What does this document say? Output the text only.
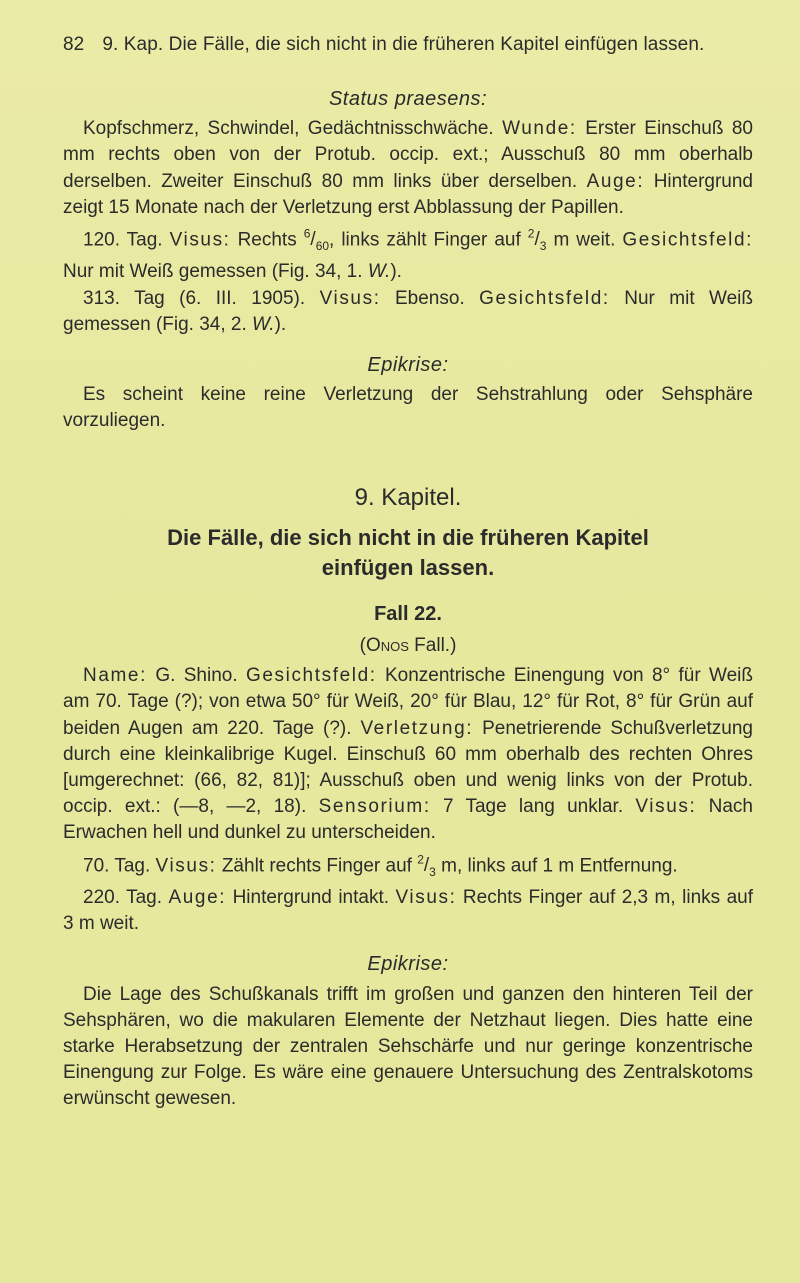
82 9. Kap. Die Fälle, die sich nicht in die früheren Kapitel einfügen lassen.
Status praesens:

Kopfschmerz, Schwindel, Gedächtnisschwäche. Wunde: Erster Einschuß 80 mm rechts oben von der Protub. occip. ext.; Ausschuß 80 mm oberhalb derselben. Zweiter Einschuß 80 mm links über derselben. Auge: Hintergrund zeigt 15 Monate nach der Verletzung erst Abblassung der Papillen.

120. Tag. Visus: Rechts $^6/_{60}$, links zählt Finger auf $^2/_3$ m weit. Gesichtsfeld: Nur mit Weiß gemessen (Fig. 34, 1. W.).

313. Tag (6. III. 1905). Visus: Ebenso. Gesichtsfeld: Nur mit Weiß gemessen (Fig. 34, 2. W.).

Epikrise:

Es scheint keine reine Verletzung der Sehstrahlung oder Sehsphäre vorzuliegen.

9. Kapitel.
Die Fälle, die sich nicht in die früheren Kapitel
einfügen lassen.
Fall 22.
(Onos Fall.)

Name: G. Shino. Gesichtsfeld: Konzentrische Einengung von 8° für Weiß am 70. Tage (?); von etwa 50° für Weiß, 20° für Blau, 12° für Rot, 8° für Grün auf beiden Augen am 220. Tage (?). Verletzung: Penetrierende Schußverletzung durch eine kleinkalibrige Kugel. Einschuß 60 mm oberhalb des rechten Ohres [umgerechnet: (66, 82, 81)]; Ausschuß oben und wenig links von der Protub. occip. ext.: (—8, —2, 18). Sensorium: 7 Tage lang unklar. Visus: Nach Erwachen hell und dunkel zu unterscheiden.

70. Tag. Visus: Zählt rechts Finger auf $^2/_3$ m, links auf 1 m Entfernung.

220. Tag. Auge: Hintergrund intakt. Visus: Rechts Finger auf 2,3 m, links auf 3 m weit.

Epikrise:

Die Lage des Schußkanals trifft im großen und ganzen den hinteren Teil der Sehsphären, wo die makularen Elemente der Netzhaut liegen. Dies hatte eine starke Herabsetzung der zentralen Sehschärfe und nur geringe konzentrische Einengung zur Folge. Es wäre eine genauere Untersuchung des Zentralskotoms erwünscht gewesen.
